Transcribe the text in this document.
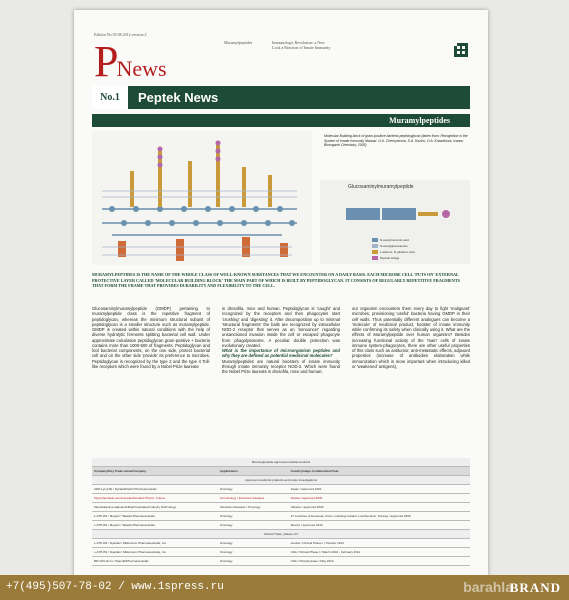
Edition No 03 08.2012 version 2
Muramylpeptides	Immunologic Revolution: a New Look a Reaction of Innate Immunity
PNews
No.1	Peptek News
Muramylpeptides
Molecular Building block of gram-positive bacteria peptidoglycan (taken from: Recognition in the System of Innate Immunity Manual. O.A. Chernyshova, S.A. Kozlov, O.A. Krasnikova, Ivanov Bioorganic Chemistry, 2005)
Glucosaminylmuramylpeptide
N-acetylmuramic acid
N-acetylglucosamine
L-alanine, D-glutamic acid
Peptide bridge
MURAMYLPEPTIDES IS THE NAME OF THE WHOLE CLASS OF WELL-KNOWN SUBSTANCES THAT WE ENCOUNTER ON A DAILY BASIS. EACH MICROBE CELL 'PUTS ON' EXTERNAL PROTECTIVE LAYER CALLED 'MOLECULAR BUILDING BLOCK' THE MAIN PART OF WHICH IS BUILT BY PEPTIDOGLYCAN. IT CONSISTS OF REGULARLY REPETITIVE FRAGMENTS THAT FORM THE FRAME THAT PROVIDES DURABILITY AND FLEXIBILITY TO THE CELL.
Glucosaminylmuramylpeptide (GMDP) pertaining to muramylpeptide class is the repetitive fragment of peptidoglycan, whereas the minimum structural subunit of peptidoglycan is a smaller structure such as muramylpeptide. GMDP is created within natural conditions with the help of diverse hydrolytic ferments splitting bacterial cell wall. Under approximate calculation peptidoglycan gram-positive + bacteria contains more than 1000-500 of fragments. Peptidoglycan and fool bacterial components, on the one side, protect bacterial cell and on the other side 'provide' its preference to microbes. Peptidoglycan is recognized by the type 2 and the type 4 Toll-like receptors which were found by a Nobel Prize laureate
in drosofila, mice and human. Peptidoglycan is 'caught' and recognized by the receptors and then phagocytes start 'crushing' and 'digesting' it. After decomposition up to minimal 'structural fragments' the bails are recognized by intracellular NOD-2 receptor that serves as an 'announcer' regarding unsanctioned invasion inside the cell or escaped phagocyte from phagolysosome. A peculiar double protection was evolutionary created.
What is the importance of microorganism peptides and why they are defined as potential medicinal molecules?
Muramylpeptides are natural boosters of innate immunity through innate immunity receptor NOD-2. Which were found the Nobel Prize laureats in drosofila, mice and human;
our organism encounters them every day to fight 'malignant' microbes, provisioning 'useful' bacteria having GMDP in their cell walls. Thus potentially different analogues can become a 'molecule' of medicinal product, booster of innate immunity while confirming its safety when clinically using it. What are the effects of Muramylpeptide over human organism? Besides increasing functional activity of the 'main' cells of innate immune system-phagocytes, there are other useful properties of this class such as antitumor, anti-metastatic effects, adjuvant properties (increase of antibodies elaboration while immunization which is more important when introducing killed or 'weakened' antigens),
Muramylpeptide approved medical products		
Company/Key Trade name/Company	Applications	Country/stage of elaboration/Year
Approved medicinal products and under investigations		
ADP-Lys (LB) / Nyzaiki/Daichi Pharmaceuticals	Oncology	Japan / approved 1991
Mycophenolate semicomplex/Novartis Pharm. France	Immunology / Infectious diseases	Russia / approved 2009
Mecobalamine adjuvant/Hikari/Capsiated Industry Technology	Infectious diseases / Oncology	Ukraine / approved 2000
L-ATP-PE / Mepact / Takeda Pharmaceuticals	Oncology	27 countries of European Union, including Iceland, Liechtenstein, Norway / approved 2009
L-ATP-PE / Mepact / Takeda Pharmaceuticals	Oncology	Mexico / approved 2010
Clinical Trials, phases I-IV		
L-ATP-PE / Nyazaki / Millennium Pharmaceuticals, Inc.	Oncology	Austria / Clinical Phase I / October 2014
L-ATP-PE / Nyazaki / Millennium Pharmaceuticals, Inc.	Oncology	USA / Clinical Phase I / March 2004 - February 2012
BPI-IAN-hmm / Shamilk/Pharmaceuticals	Oncology	USA / Clinical phase / May 2010
+7(495)507-78-02 / www.1spress.ru	barahla
BRAND
